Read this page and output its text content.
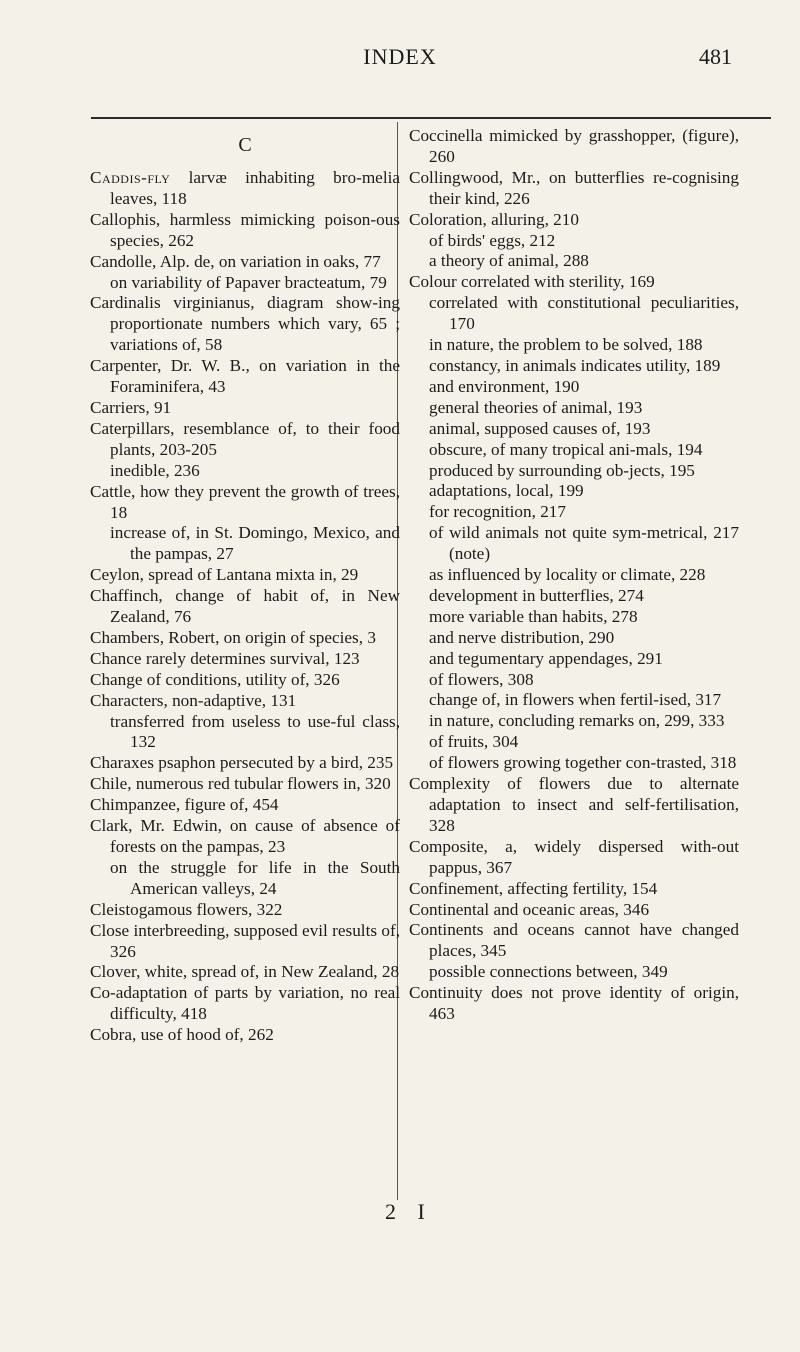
INDEX	481
C
Caddis-fly larvæ inhabiting bro-melia leaves, 118
Callophis, harmless mimicking poison-ous species, 262
Candolle, Alp. de, on variation in oaks, 77
on variability of Papaver bracteatum, 79
Cardinalis virginianus, diagram show-ing proportionate numbers which vary, 65 ; variations of, 58
Carpenter, Dr. W. B., on variation in the Foraminifera, 43
Carriers, 91
Caterpillars, resemblance of, to their food plants, 203-205
inedible, 236
Cattle, how they prevent the growth of trees, 18
increase of, in St. Domingo, Mexico, and the pampas, 27
Ceylon, spread of Lantana mixta in, 29
Chaffinch, change of habit of, in New Zealand, 76
Chambers, Robert, on origin of species, 3
Chance rarely determines survival, 123
Change of conditions, utility of, 326
Characters, non-adaptive, 131
transferred from useless to use-ful class, 132
Charaxes psaphon persecuted by a bird, 235
Chile, numerous red tubular flowers in, 320
Chimpanzee, figure of, 454
Clark, Mr. Edwin, on cause of absence of forests on the pampas, 23
on the struggle for life in the South American valleys, 24
Cleistogamous flowers, 322
Close interbreeding, supposed evil results of, 326
Clover, white, spread of, in New Zealand, 28
Co-adaptation of parts by variation, no real difficulty, 418
Cobra, use of hood of, 262
Coccinella mimicked by grasshopper, (figure), 260
Collingwood, Mr., on butterflies re-cognising their kind, 226
Coloration, alluring, 210
of birds' eggs, 212
a theory of animal, 288
Colour correlated with sterility, 169
correlated with constitutional peculiarities, 170
in nature, the problem to be solved, 188
constancy, in animals indicates utility, 189
and environment, 190
general theories of animal, 193
animal, supposed causes of, 193
obscure, of many tropical ani-mals, 194
produced by surrounding ob-jects, 195
adaptations, local, 199
for recognition, 217
of wild animals not quite sym-metrical, 217 (note)
as influenced by locality or climate, 228
development in butterflies, 274
more variable than habits, 278
and nerve distribution, 290
and tegumentary appendages, 291
of flowers, 308
change of, in flowers when fertil-ised, 317
in nature, concluding remarks on, 299, 333
of fruits, 304
of flowers growing together con-trasted, 318
Complexity of flowers due to alternate adaptation to insect and self-fertilisation, 328
Composite, a, widely dispersed with-out pappus, 367
Confinement, affecting fertility, 154
Continental and oceanic areas, 346
Continents and oceans cannot have changed places, 345
possible connections between, 349
Continuity does not prove identity of origin, 463
2 I
